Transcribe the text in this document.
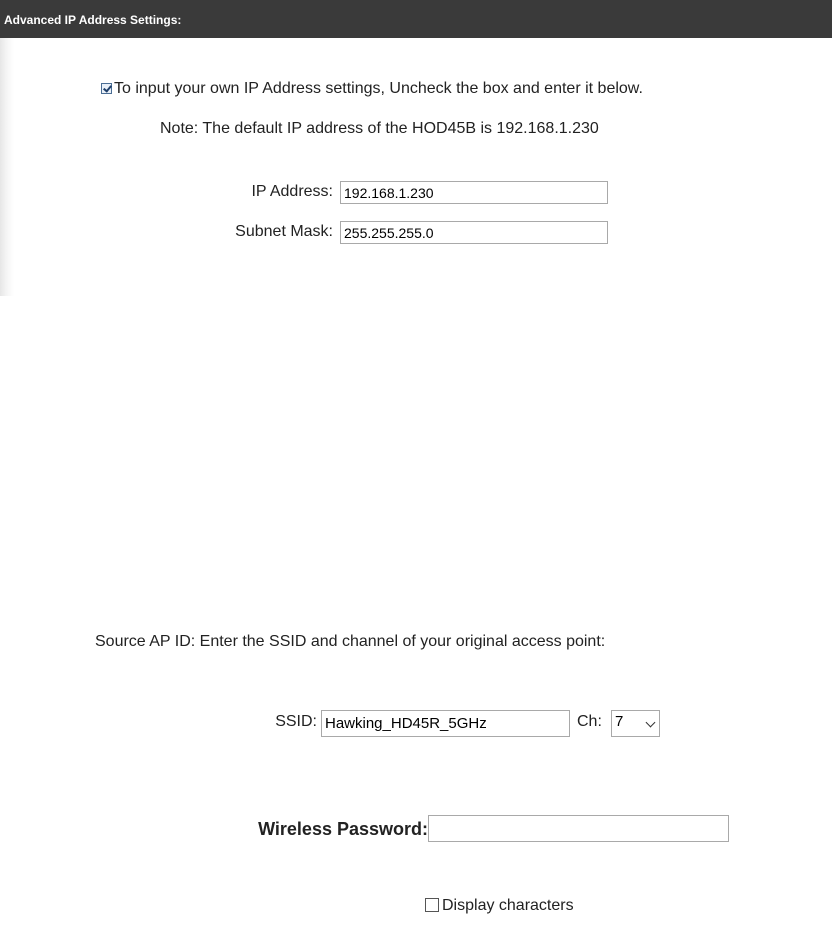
Advanced IP Address Settings:
To input your own IP Address settings, Uncheck the box and enter it below.
Note: The default IP address of the HOD45B is 192.168.1.230
IP Address:
192.168.1.230
Subnet Mask:
255.255.255.0
Source AP ID: Enter the SSID and channel of your original access point:
SSID:
Hawking_HD45R_5GHz	Ch: 7
Wireless Password:
Display characters
